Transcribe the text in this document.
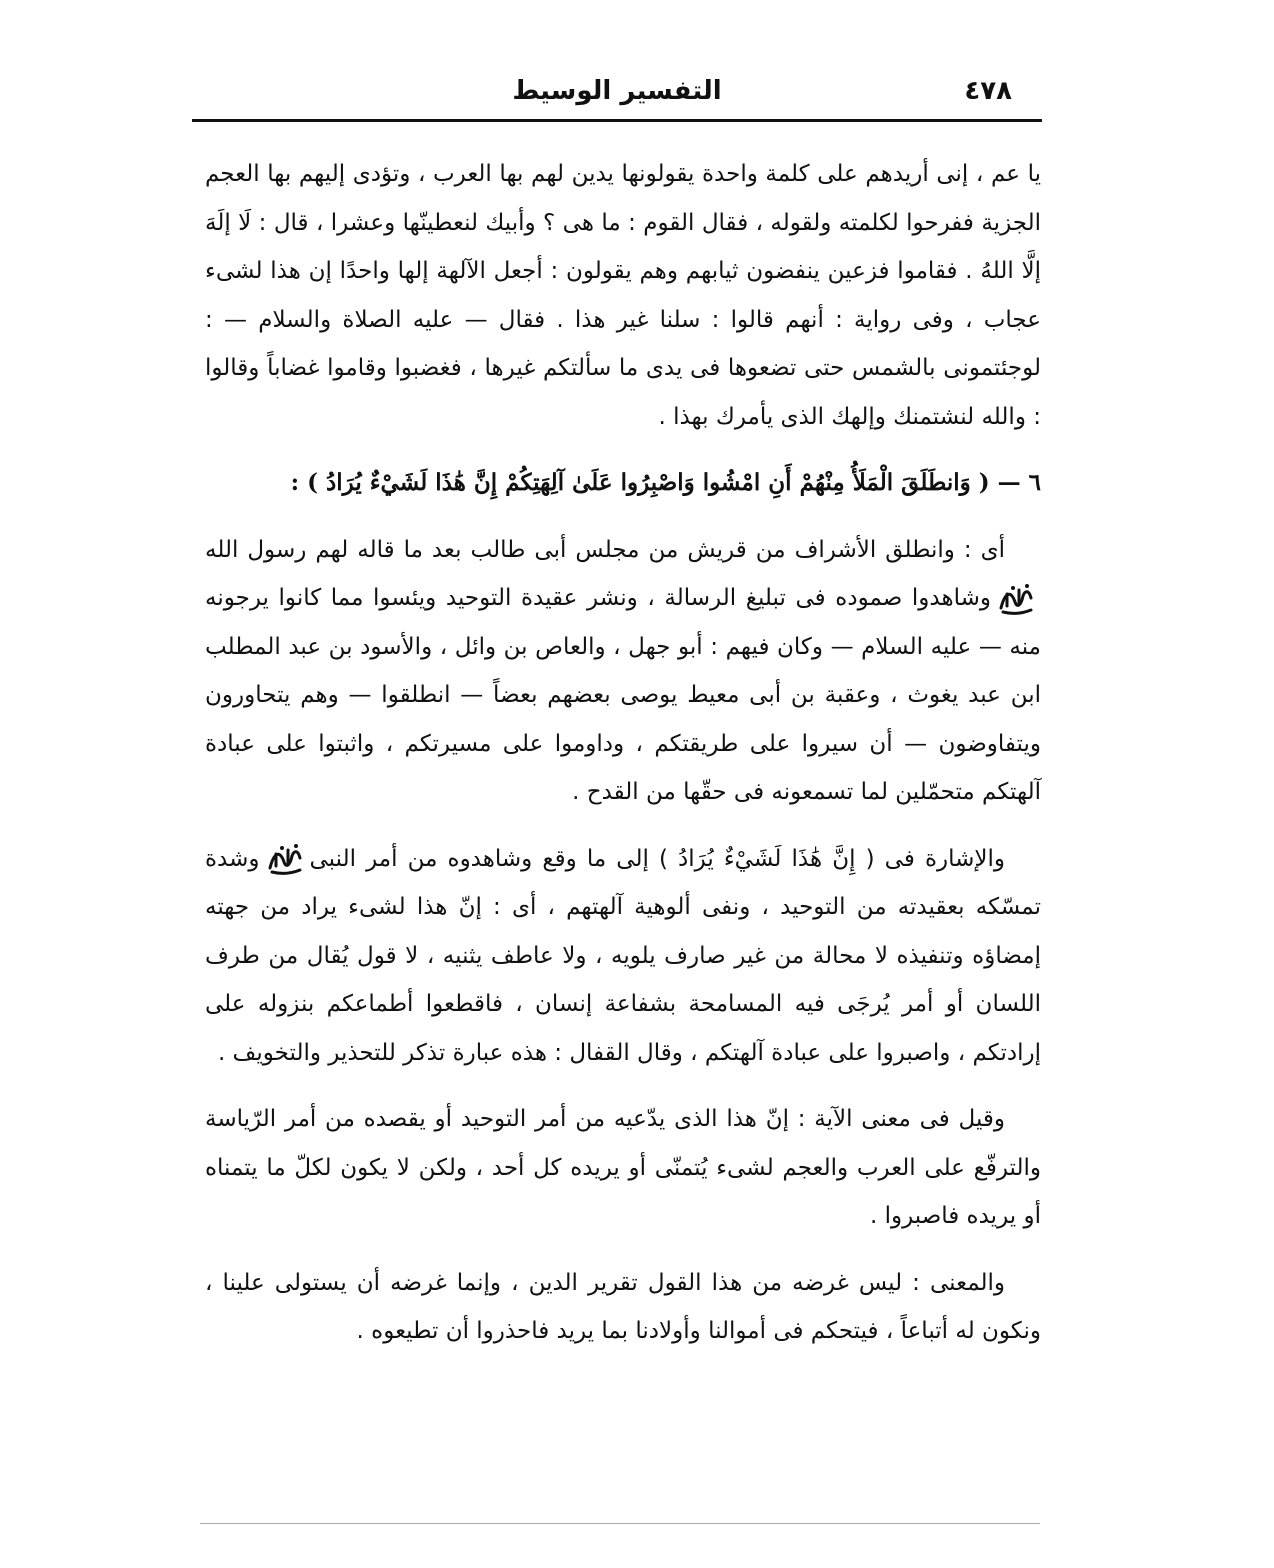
٤٧٨
التفسير الوسيط

يا عم ، إنى أريدهم على كلمة واحدة يقولونها يدين لهم بها العرب ، وتؤدى إليهم بها العجم الجزية ففرحوا لكلمته ولقوله ، فقال القوم : ما هى ؟ وأبيك لنعطينّها وعشرا ، قال : لَا إلَهَ إلَّا اللهُ . فقاموا فزعين ينفضون ثيابهم وهم يقولون : أجعل الآلهة إلها واحدًا إن هذا لشىء عجاب ، وفى رواية : أنهم قالوا : سلنا غير هذا . فقال — عليه الصلاة والسلام — : لوجئتمونى بالشمس حتى تضعوها فى يدى ما سألتكم غيرها ، فغضبوا وقاموا غضاباً وقالوا : والله لنشتمنك وإلهك الذى يأمرك بهذا .

٦ — ( وَانطَلَقَ الْمَلَأُ مِنْهُمْ أَنِ امْشُوا وَاصْبِرُوا عَلَىٰ آلِهَتِكُمْ إِنَّ هَٰذَا لَشَيْءٌ يُرَادُ ) :

أى : وانطلق الأشراف من قريش من مجلس أبى طالب بعد ما قاله لهم رسول اللهوشاهدوا صموده فى تبليغ الرسالة ، ونشر عقيدة التوحيد ويئسوا مما كانوا يرجونه منه — عليه السلام — وكان فيهم : أبو جهل ، والعاص بن وائل ، والأسود بن عبد المطلب ابن عبد يغوث ، وعقبة بن أبى معيط يوصى بعضهم بعضاً — انطلقوا — وهم يتحاورون ويتفاوضون — أن سيروا على طريقتكم ، وداوموا على مسيرتكم ، واثبتوا على عبادة آلهتكم متحمّلين لما تسمعونه فى حقّها من القدح .

والإشارة فى ( إِنَّ هَٰذَا لَشَيْءٌ يُرَادُ ) إلى ما وقع وشاهدوه من أمر النبىوشدة تمسّكه بعقيدته من التوحيد ، ونفى ألوهية آلهتهم ، أى : إنّ هذا لشىء يراد من جهته إمضاؤه وتنفيذه لا محالة من غير صارف يلويه ، ولا عاطف يثنيه ، لا قول يُقال من طرف اللسان أو أمر يُرجَى فيه المسامحة بشفاعة إنسان ، فاقطعوا أطماعكم بنزوله على إرادتكم ، واصبروا على عبادة آلهتكم ، وقال القفال : هذه عبارة تذكر للتحذير والتخويف .

وقيل فى معنى الآية : إنّ هذا الذى يدّعيه من أمر التوحيد أو يقصده من أمر الرّياسة والترفّع على العرب والعجم لشىء يُتمنّى أو يريده كل أحد ، ولكن لا يكون لكلّ ما يتمناه أو يريده فاصبروا .

والمعنى : ليس غرضه من هذا القول تقرير الدين ، وإنما غرضه أن يستولى علينا ، ونكون له أتباعاً ، فيتحكم فى أموالنا وأولادنا بما يريد فاحذروا أن تطيعوه .
